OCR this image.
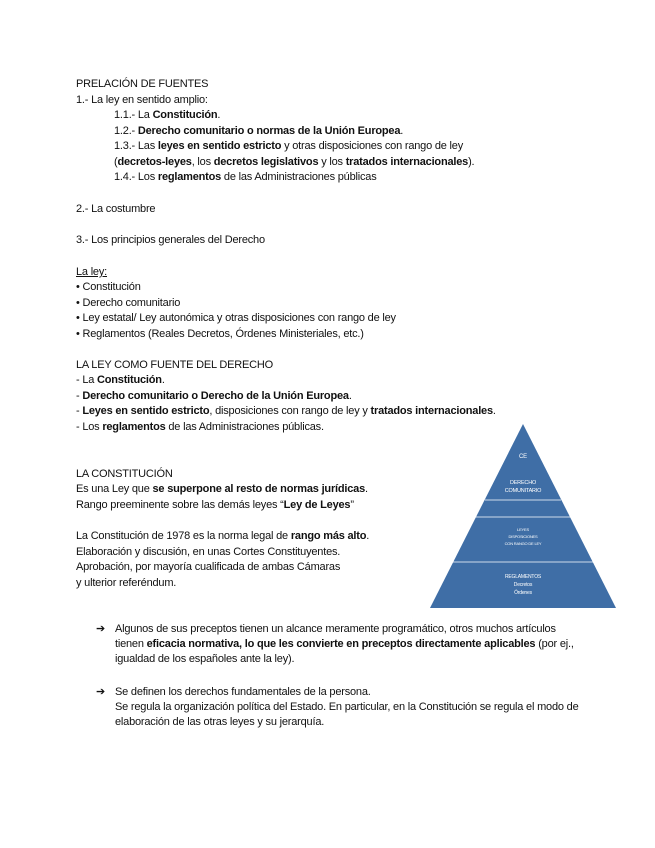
PRELACIÓN DE FUENTES
1.- La ley en sentido amplio:
1.1.- La Constitución.
1.2.- Derecho comunitario o normas de la Unión Europea.
1.3.- Las leyes en sentido estricto y otras disposiciones con rango de ley
(decretos-leyes, los decretos legislativos y los tratados internacionales).
1.4.- Los reglamentos de las Administraciones públicas
2.- La costumbre
3.- Los principios generales del Derecho
La ley:
• Constitución
• Derecho comunitario
• Ley estatal/ Ley autonómica y otras disposiciones con rango de ley
• Reglamentos (Reales Decretos, Órdenes Ministeriales, etc.)
LA LEY COMO FUENTE DEL DERECHO
- La Constitución.
- Derecho comunitario o Derecho de la Unión Europea.
- Leyes en sentido estricto, disposiciones con rango de ley y tratados internacionales.
- Los reglamentos de las Administraciones públicas.
LA CONSTITUCIÓN
Es una Ley que se superpone al resto de normas jurídicas.
Rango preeminente sobre las demás leyes “Ley de Leyes”
La Constitución de 1978 es la norma legal de rango más alto.
Elaboración y discusión, en unas Cortes Constituyentes.
Aprobación, por mayoría cualificada de ambas Cámaras
y ulterior referéndum.
CE
DERECHO
COMUNITARIO
LEYES
DISPOSICIONES
CON RANGO DE LEY
REGLAMENTOS
Decretos
Órdenes
➔ Algunos de sus preceptos tienen un alcance meramente programático, otros muchos artículos tienen eficacia normativa, lo que les convierte en preceptos directamente aplicables (por ej., igualdad de los españoles ante la ley).
➔ Se definen los derechos fundamentales de la persona.
Se regula la organización política del Estado. En particular, en la Constitución se regula el modo de elaboración de las otras leyes y su jerarquía.
